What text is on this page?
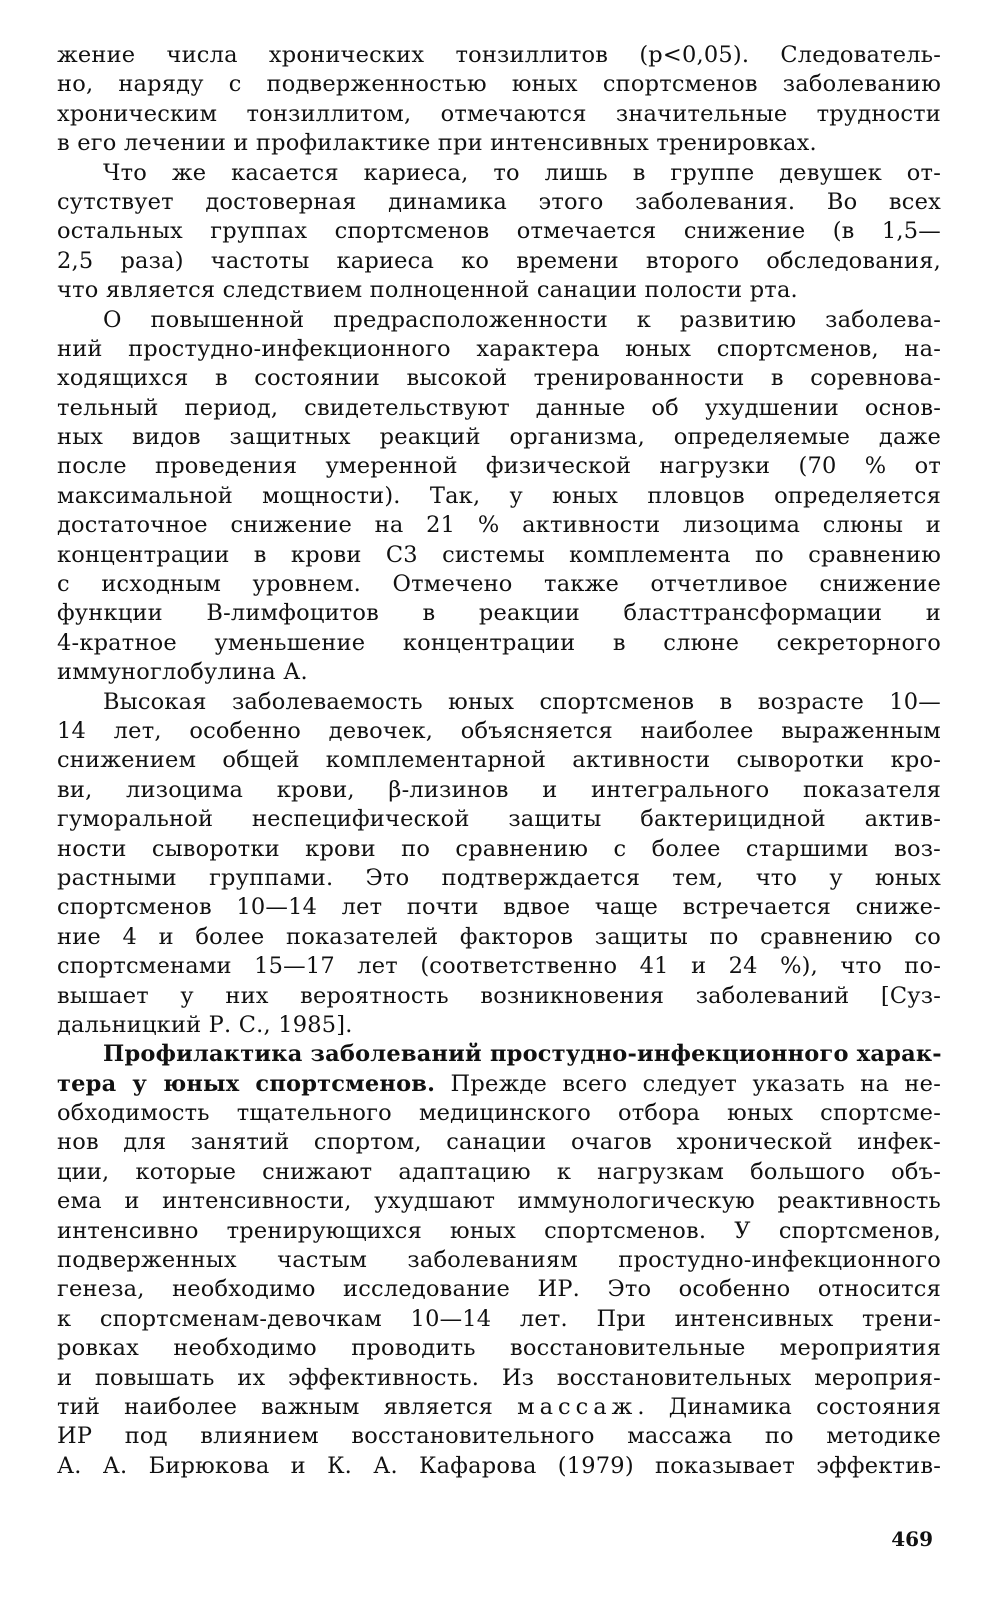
жение числа хронических тонзиллитов (р<0,05). Следователь-
но, наряду с подверженностью юных спортсменов заболеванию
хроническим тонзиллитом, отмечаются значительные трудности
в его лечении и профилактике при интенсивных тренировках.
Что же касается кариеса, то лишь в группе девушек от-
сутствует достоверная динамика этого заболевания. Во всех
остальных группах спортсменов отмечается снижение (в 1,5—
2,5 раза) частоты кариеса ко времени второго обследования,
что является следствием полноценной санации полости рта.
О повышенной предрасположенности к развитию заболева-
ний простудно-инфекционного характера юных спортсменов, на-
ходящихся в состоянии высокой тренированности в соревнова-
тельный период, свидетельствуют данные об ухудшении основ-
ных видов защитных реакций организма, определяемые даже
после проведения умеренной физической нагрузки (70 % от
максимальной мощности). Так, у юных пловцов определяется
достаточное снижение на 21 % активности лизоцима слюны и
концентрации в крови С3 системы комплемента по сравнению
с исходным уровнем. Отмечено также отчетливое снижение
функции В-лимфоцитов в реакции бласттрансформации и
4-кратное уменьшение концентрации в слюне секреторного
иммуноглобулина А.
Высокая заболеваемость юных спортсменов в возрасте 10—
14 лет, особенно девочек, объясняется наиболее выраженным
снижением общей комплементарной активности сыворотки кро-
ви, лизоцима крови, β-лизинов и интегрального показателя
гуморальной неспецифической защиты бактерицидной актив-
ности сыворотки крови по сравнению с более старшими воз-
растными группами. Это подтверждается тем, что у юных
спортсменов 10—14 лет почти вдвое чаще встречается сниже-
ние 4 и более показателей факторов защиты по сравнению со
спортсменами 15—17 лет (соответственно 41 и 24 %), что по-
вышает у них вероятность возникновения заболеваний [Суз-
дальницкий Р. С., 1985].
Профилактика заболеваний простудно-инфекционного харак-
тера у юных спортсменов. Прежде всего следует указать на не-
обходимость тщательного медицинского отбора юных спортсме-
нов для занятий спортом, санации очагов хронической инфек-
ции, которые снижают адаптацию к нагрузкам большого объ-
ема и интенсивности, ухудшают иммунологическую реактивность
интенсивно тренирующихся юных спортсменов. У спортсменов,
подверженных частым заболеваниям простудно-инфекционного
генеза, необходимо исследование ИР. Это особенно относится
к спортсменам-девочкам 10—14 лет. При интенсивных трени-
ровках необходимо проводить восстановительные мероприятия
и повышать их эффективность. Из восстановительных мероприя-
тий наиболее важным является массаж. Динамика состояния
ИР под влиянием восстановительного массажа по методике
А. А. Бирюкова и К. А. Кафарова (1979) показывает эффектив-
469
